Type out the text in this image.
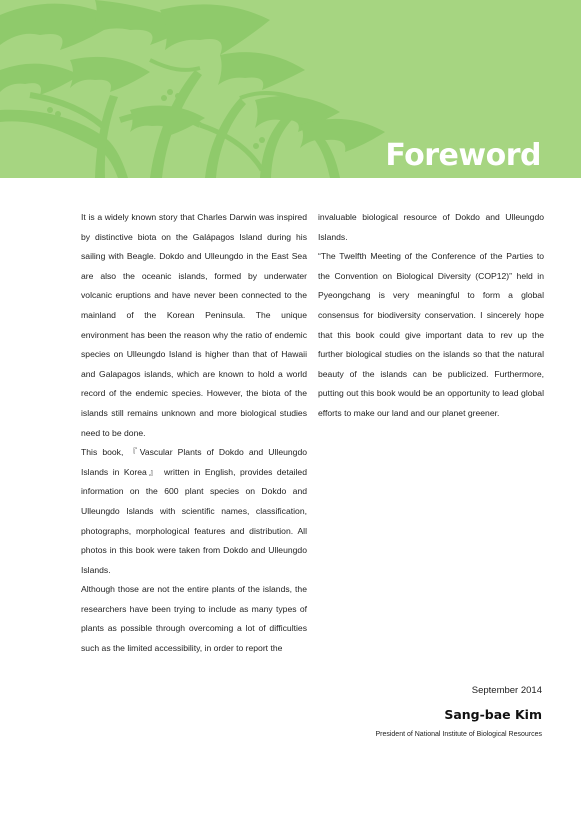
Foreword

It is a widely known story that Charles Darwin was inspired by distinctive biota on the Galápagos Island during his sailing with Beagle. Dokdo and Ulleungdo in the East Sea are also the oceanic islands, formed by underwater volcanic eruptions and have never been connected to the mainland of the Korean Peninsula. The unique environment has been the reason why the ratio of endemic species on Ulleungdo Island is higher than that of Hawaii and Galapagos islands, which are known to hold a world record of the endemic species. However, the biota of the islands still remains unknown and more biological studies need to be done.

This book, 『Vascular Plants of Dokdo and Ulleungdo Islands in Korea』 written in English, provides detailed information on the 600 plant species on Dokdo and Ulleungdo Islands with scientific names, classification, photographs, morphological features and distribution. All photos in this book were taken from Dokdo and Ulleungdo Islands.

Although those are not the entire plants of the islands, the researchers have been trying to include as many types of plants as possible through overcoming a lot of difficulties such as the limited accessibility, in order to report the

invaluable biological resource of Dokdo and Ulleungdo Islands.

“The Twelfth Meeting of the Conference of the Parties to the Convention on Biological Diversity (COP12)” held in Pyeongchang is very meaningful to form a global consensus for biodiversity conservation. I sincerely hope that this book could give important data to rev up the further biological studies on the islands so that the natural beauty of the islands can be publicized. Furthermore, putting out this book would be an opportunity to lead global efforts to make our land and our planet greener.

September 2014
Sang-bae Kim
President of National Institute of Biological Resources
